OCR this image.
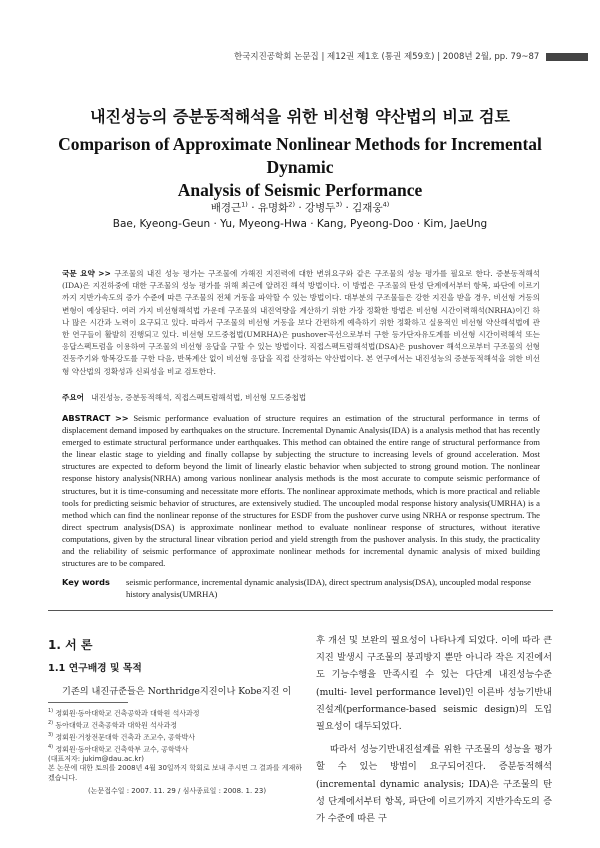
한국지진공학회 논문집 | 제12권 제1호 (통권 제59호) | 2008년 2월, pp. 79~87
내진성능의 증분동적해석을 위한 비선형 약산법의 비교 검토
Comparison of Approximate Nonlinear Methods for Incremental Dynamic
Analysis of Seismic Performance
배경근$^{1)}$ · 유명화$^{2)}$ · 강병두$^{3)}$ · 김재웅$^{4)}$
Bae, Kyeong-Geun · Yu, Myeong-Hwa · Kang, Pyeong-Doo · Kim, JaeUng
국문 요약 >> 구조물의 내진 성능 평가는 구조물에 가해진 지진력에 대한 변위요구와 같은 구조물의 성능 평가를 필요로 한다. 증분동적해석(IDA)은 지진하중에 대한 구조물의 성능 평가를 위해 최근에 알려진 해석 방법이다. 이 방법은 구조물의 탄성 단계에서부터 항복, 파단에 이르기까지 지반가속도의 증가 수준에 따른 구조물의 전체 거동을 파악할 수 있는 방법이다. 대부분의 구조물들은 강한 지진을 받을 경우, 비선형 거동의 변형이 예상된다. 여러 가지 비선형해석법 가운데 구조물의 내진역량을 계산하기 위한 가장 정확한 방법은 비선형 시간이력해석(NRHA)이긴 하나 많은 시간과 노력이 요구되고 있다. 따라서 구조물의 비선형 거동을 보다 간편하게 예측하기 위한 정확하고 실용적인 비선형 약산해석법에 관한 연구들이 활발히 진행되고 있다. 비선형 모드중첩법(UMRHA)은 pushover곡선으로부터 구한 등가단자유도계를 비선형 시간이력해석 또는 응답스펙트럼을 이용하여 구조물의 비선형 응답을 구할 수 있는 방법이다. 직접스펙트럼해석법(DSA)은 pushover 해석으로부터 구조물의 선형 진동주기와 항복강도를 구한 다음, 반복계산 없이 비선형 응답을 직접 산정하는 약산법이다. 본 연구에서는 내진성능의 증분동적해석을 위한 비선형 약산법의 정확성과 신뢰성을 비교 검토한다.
주요어 내진성능, 증분동적해석, 직접스펙트럼해석법, 비선형 모드중첩법
ABSTRACT >> Seismic performance evaluation of structure requires an estimation of the structural performance in terms of displacement demand imposed by earthquakes on the structure. Incremental Dynamic Analysis(IDA) is a analysis method that has recently emerged to estimate structural performance under earthquakes. This method can obtained the entire range of structural performance from the linear elastic stage to yielding and finally collapse by subjecting the structure to increasing levels of ground acceleration. Most structures are expected to deform beyond the limit of linearly elastic behavior when subjected to strong ground motion. The nonlinear response history analysis(NRHA) among various nonlinear analysis methods is the most accurate to compute seismic performance of structures, but it is time-consuming and necessitate more efforts. The nonlinear approximate methods, which is more practical and reliable tools for predicting seismic behavior of structures, are extensively studied. The uncoupled modal response history analysis(UMRHA) is a method which can find the nonlinear reponse of the structures for ESDF from the pushover curve using NRHA or response spectrum. The direct spectrum analysis(DSA) is approximate nonlinear method to evaluate nonlinear response of structures, without iterative computations, given by the structural linear vibration period and yield strength from the pushover analysis. In this study, the practicality and the reliability of seismic performance of approximate nonlinear methods for incremental dynamic analysis of mixed building structures are to be compared.
Key words	seismic performance, incremental dynamic analysis(IDA), direct spectrum analysis(DSA), uncoupled modal response history analysis(UMRHA)
1. 서 론
1.1 연구배경 및 목적
기존의 내진규준들은 Northridge지진이나 Kobe지진 이
$^{1)}$ 정회원·동아대학교 건축공학과 대학원 석사과정
$^{2)}$ 동아대학교 건축공학과 대학원 석사과정
$^{3)}$ 정회원·거창전문대학 건축과 조교수, 공학박사
$^{4)}$ 정회원·동아대학교 건축학부 교수, 공학박사
(대표저자: jukim@dau.ac.kr)
본 논문에 대한 토의를 2008년 4월 30일까지 학회로 보내 주시면 그 결과를 게재하겠습니다.
(논문접수일 : 2007. 11. 29 / 심사종료일 : 2008. 1. 23)

후 개선 및 보완의 필요성이 나타나게 되었다. 이에 따라 큰 지진 발생시 구조물의 붕괴방지 뿐만 아니라 작은 지진에서도 기능수행을 만족시킬 수 있는 다단계 내진성능수준(multi- level performance level)인 이른바 성능기반내진설계(performance-based seismic design)의 도입 필요성이 대두되었다.

따라서 성능기반내진설계를 위한 구조물의 성능을 평가할 수 있는 방법이 요구되어진다. 증분동적해석(incremental dynamic analysis; IDA)은 구조물의 탄성 단계에서부터 항복, 파단에 이르기까지 지반가속도의 증가 수준에 따른 구
